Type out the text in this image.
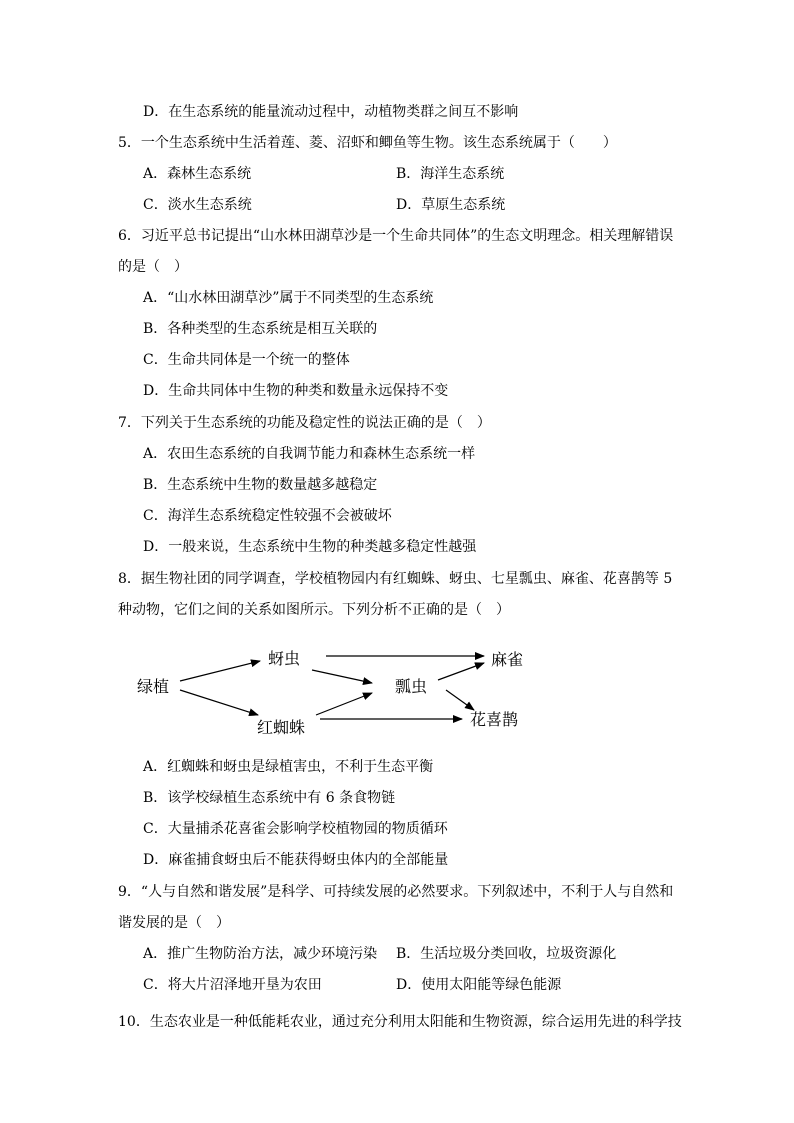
D．在生态系统的能量流动过程中，动植物类群之间互不影响
5．一个生态系统中生活着莲、菱、沼虾和鲫鱼等生物。该生态系统属于（　　）
A．森林生态系统	B．海洋生态系统
C．淡水生态系统	D．草原生态系统
6．习近平总书记提出“山水林田湖草沙是一个生命共同体”的生态文明理念。相关理解错误
的是（　）
A．“山水林田湖草沙”属于不同类型的生态系统
B．各种类型的生态系统是相互关联的
C．生命共同体是一个统一的整体
D．生命共同体中生物的种类和数量永远保持不变
7．下列关于生态系统的功能及稳定性的说法正确的是（　）
A．农田生态系统的自我调节能力和森林生态系统一样
B．生态系统中生物的数量越多越稳定
C．海洋生态系统稳定性较强不会被破坏
D．一般来说，生态系统中生物的种类越多稳定性越强
8．据生物社团的同学调查，学校植物园内有红蜘蛛、蚜虫、七星瓢虫、麻雀、花喜鹊等 5
种动物，它们之间的关系如图所示。下列分析不正确的是（　）
绿植
蚜虫
红蜘蛛
瓢虫
麻雀
花喜鹊
A．红蜘蛛和蚜虫是绿植害虫，不利于生态平衡
B．该学校绿植生态系统中有 6 条食物链
C．大量捕杀花喜雀会影响学校植物园的物质循环
D．麻雀捕食蚜虫后不能获得蚜虫体内的全部能量
9．“人与自然和谐发展”是科学、可持续发展的必然要求。下列叙述中，不利于人与自然和
谐发展的是（　）
A．推广生物防治方法，减少环境污染 B．生活垃圾分类回收，垃圾资源化
C．将大片沼泽地开垦为农田	D．使用太阳能等绿色能源
10．生态农业是一种低能耗农业，通过充分利用太阳能和生物资源，综合运用先进的科学技
